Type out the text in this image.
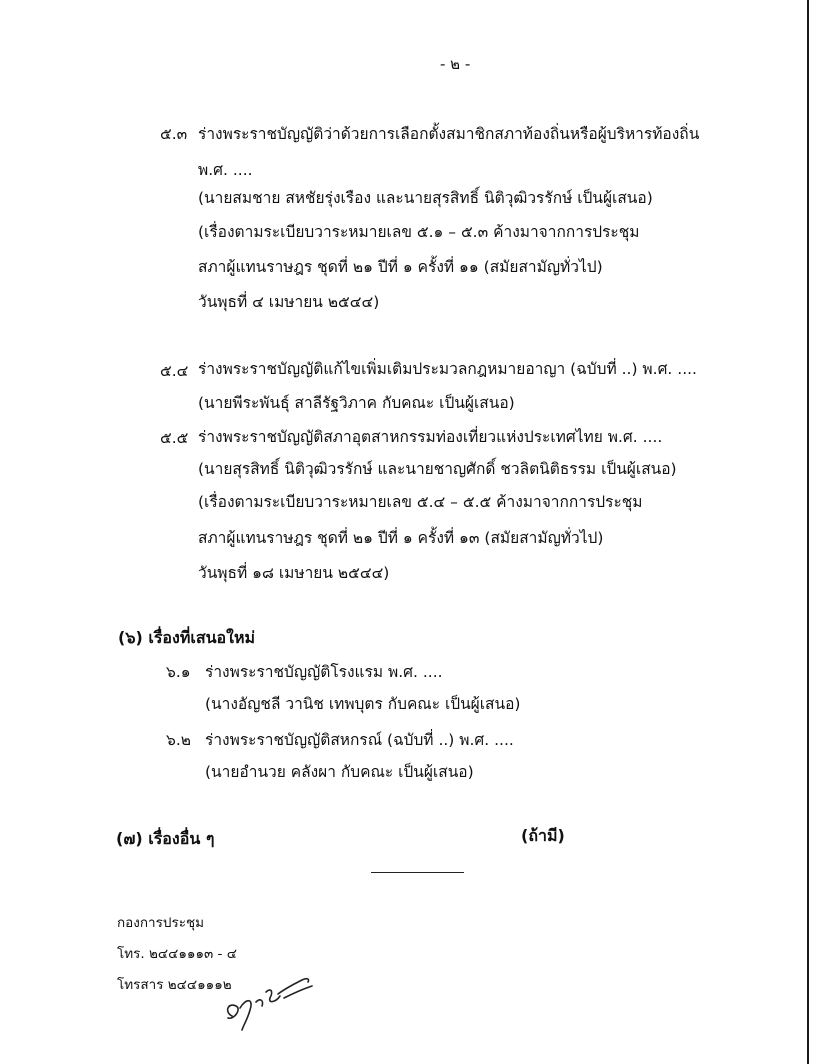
- ๒ -
๕.๓ ร่างพระราชบัญญัติว่าด้วยการเลือกตั้งสมาชิกสภาท้องถิ่นหรือผู้บริหารท้องถิ่น
พ.ศ. ....
(นายสมชาย สหชัยรุ่งเรือง และนายสุรสิทธิ์ นิติวุฒิวรรักษ์ เป็นผู้เสนอ)
(เรื่องตามระเบียบวาระหมายเลข ๕.๑ – ๕.๓ ค้างมาจากการประชุม
สภาผู้แทนราษฎร ชุดที่ ๒๑ ปีที่ ๑ ครั้งที่ ๑๑ (สมัยสามัญทั่วไป)
วันพุธที่ ๔ เมษายน ๒๕๔๔)
๕.๔ ร่างพระราชบัญญัติแก้ไขเพิ่มเติมประมวลกฎหมายอาญา (ฉบับที่ ..) พ.ศ. ....
(นายพีระพันธุ์ สาลีรัฐวิภาค กับคณะ เป็นผู้เสนอ)
๕.๕ ร่างพระราชบัญญัติสภาอุตสาหกรรมท่องเที่ยวแห่งประเทศไทย พ.ศ. ....
(นายสุรสิทธิ์ นิติวุฒิวรรักษ์ และนายชาญศักดิ์ ชวลิตนิติธรรม เป็นผู้เสนอ)
(เรื่องตามระเบียบวาระหมายเลข ๕.๔ – ๕.๕ ค้างมาจากการประชุม
สภาผู้แทนราษฎร ชุดที่ ๒๑ ปีที่ ๑ ครั้งที่ ๑๓ (สมัยสามัญทั่วไป)
วันพุธที่ ๑๘ เมษายน ๒๕๔๔)
(๖) เรื่องที่เสนอใหม่
๖.๑ ร่างพระราชบัญญัติโรงแรม พ.ศ. ....
(นางอัญชลี วานิช เทพบุตร กับคณะ เป็นผู้เสนอ)
๖.๒ ร่างพระราชบัญญัติสหกรณ์ (ฉบับที่ ..) พ.ศ. ....
(นายอำนวย คลังผา กับคณะ เป็นผู้เสนอ)
(๗) เรื่องอื่น ๆ	(ถ้ามี)
กองการประชุม
โทร. ๒๔๔๑๑๑๓ - ๔
โทรสาร ๒๔๔๑๑๑๒
